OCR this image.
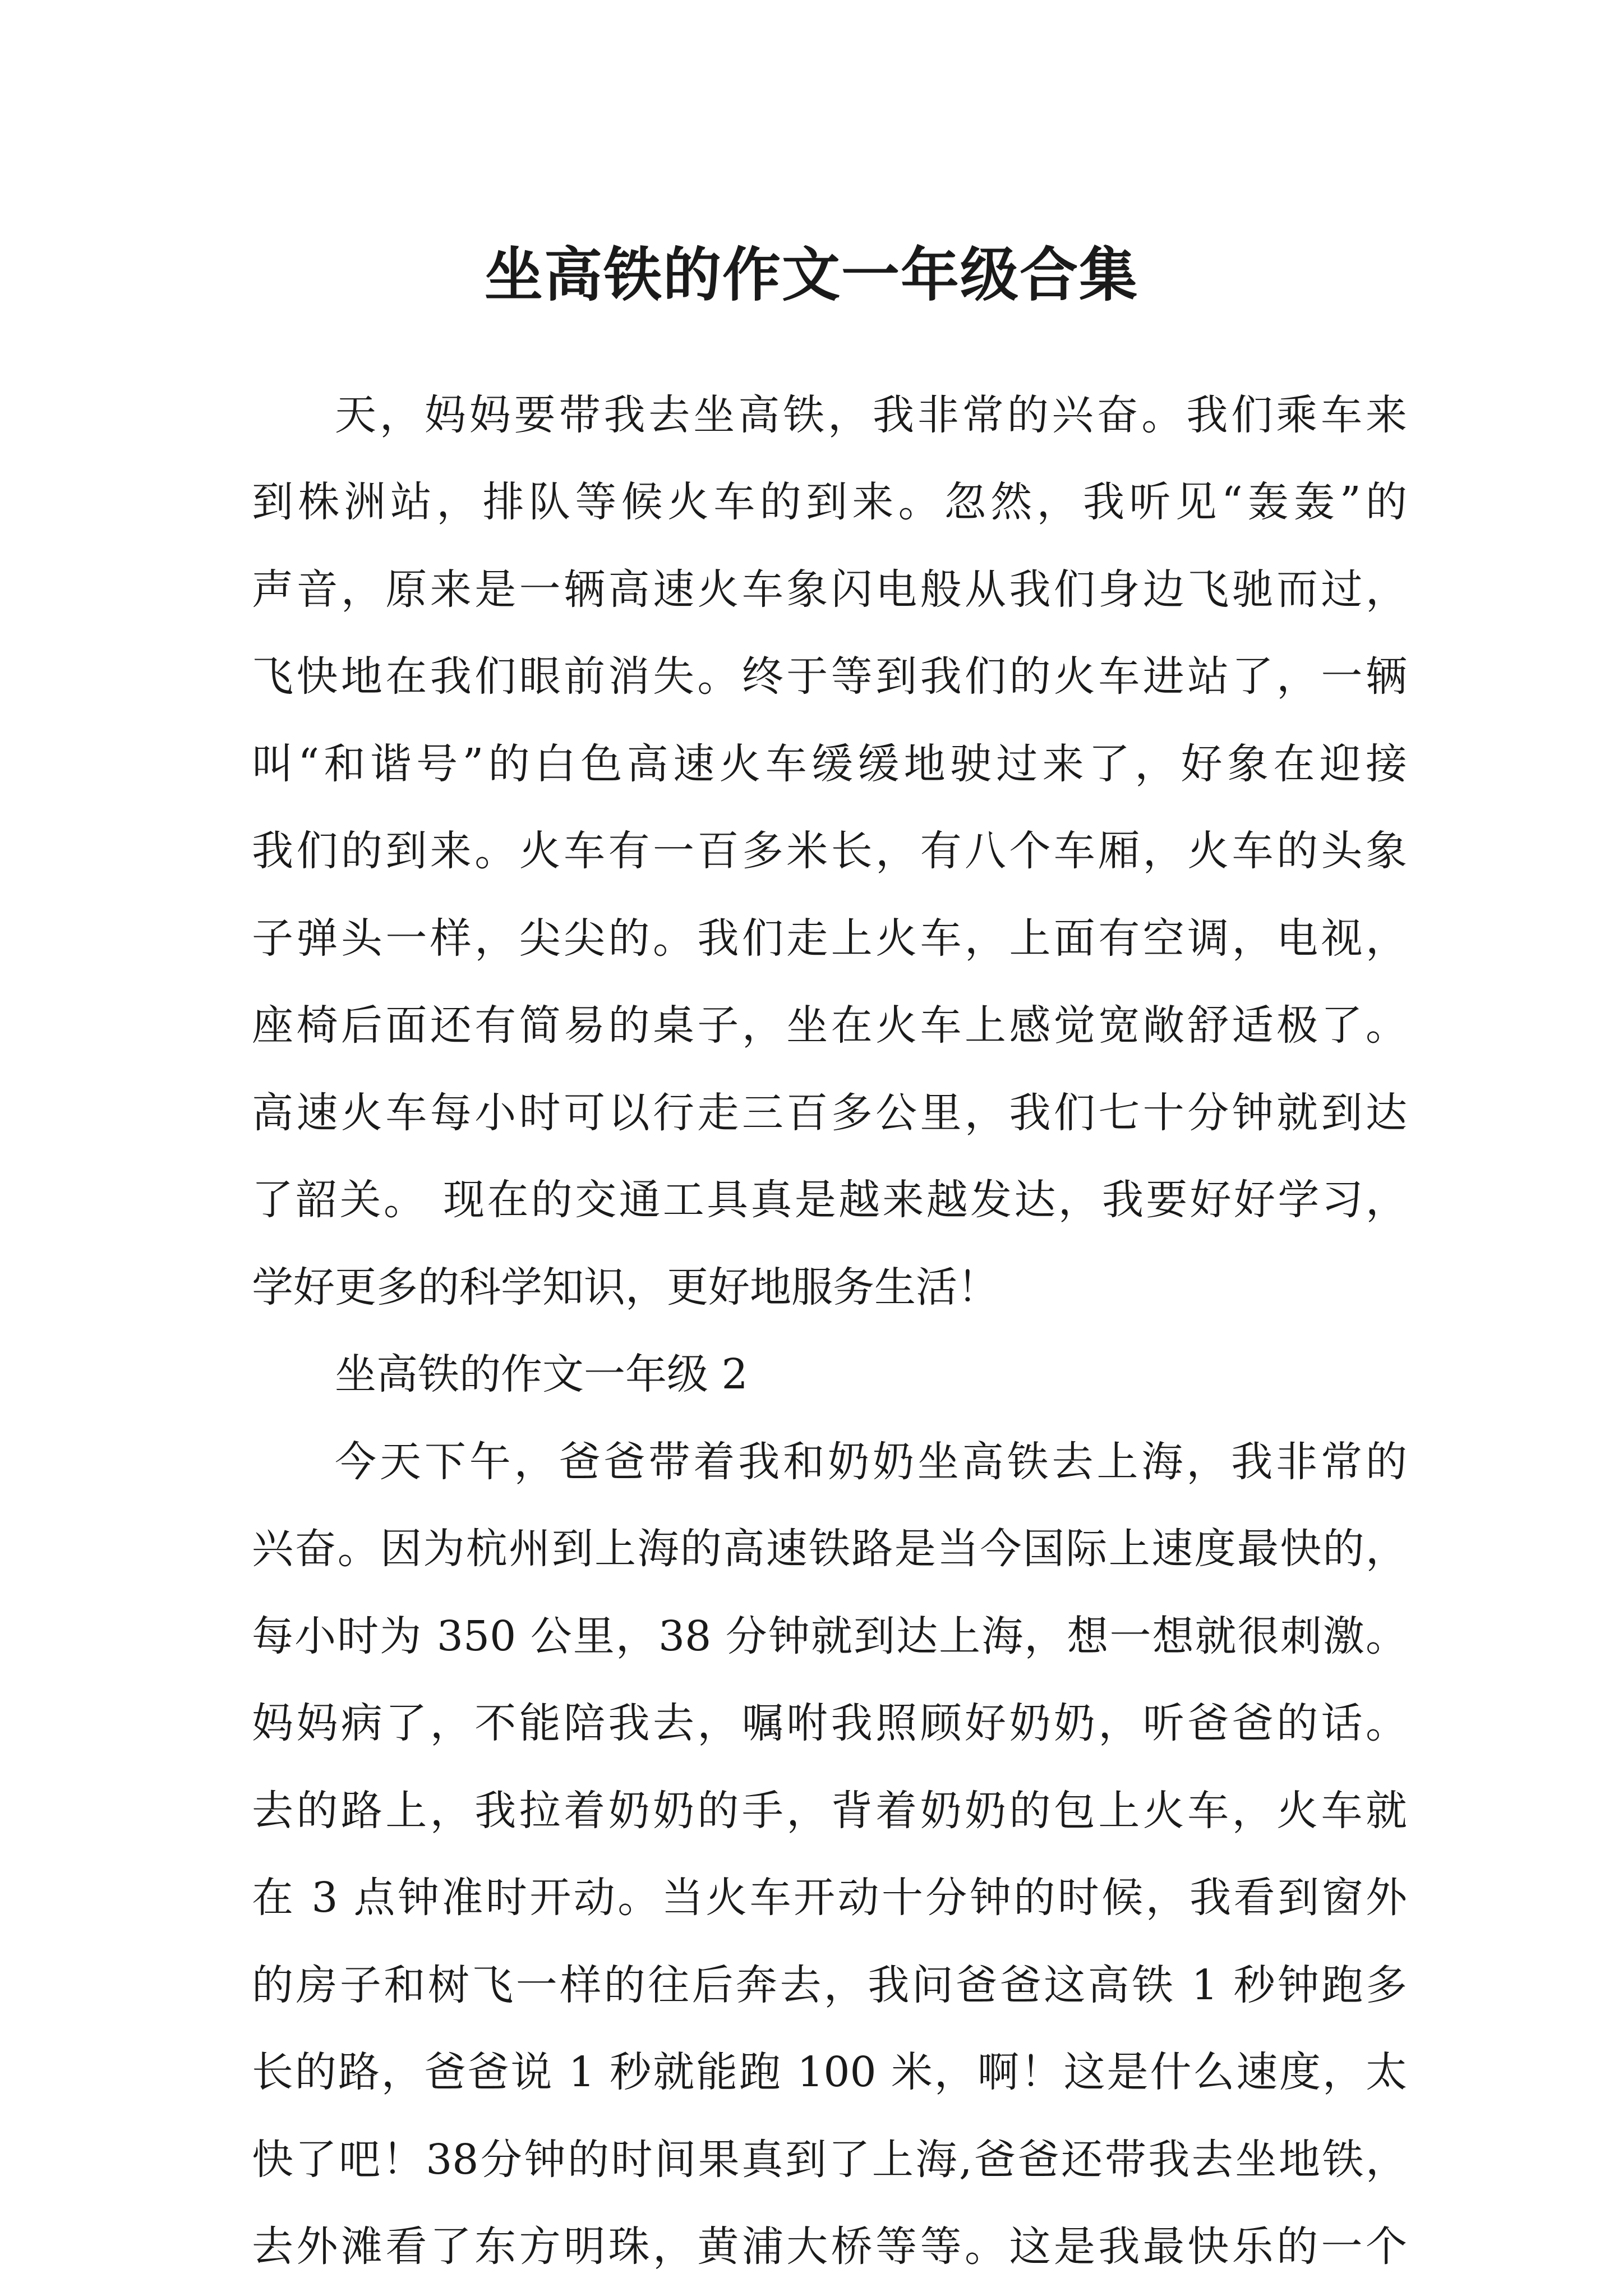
坐高铁的作文一年级合集
天，妈妈要带我去坐高铁，我非常的兴奋。我们乘车来
到株洲站，排队等候火车的到来。忽然，我听见“轰轰”的
声音，原来是一辆高速火车象闪电般从我们身边飞驰而过，
飞快地在我们眼前消失。终于等到我们的火车进站了，一辆
叫“和谐号”的白色高速火车缓缓地驶过来了，好象在迎接
我们的到来。火车有一百多米长，有八个车厢，火车的头象
子弹头一样，尖尖的。我们走上火车，上面有空调，电视，
座椅后面还有简易的桌子，坐在火车上感觉宽敞舒适极了。
高速火车每小时可以行走三百多公里，我们七十分钟就到达
了韶关。 现在的交通工具真是越来越发达，我要好好学习，
学好更多的科学知识，更好地服务生活！
坐高铁的作文一年级 2
今天下午，爸爸带着我和奶奶坐高铁去上海，我非常的
兴奋。因为杭州到上海的高速铁路是当今国际上速度最快的，
每小时为 350 公里，38 分钟就到达上海，想一想就很刺激。
妈妈病了，不能陪我去，嘱咐我照顾好奶奶，听爸爸的话。
去的路上，我拉着奶奶的手，背着奶奶的包上火车，火车就
在 3 点钟准时开动。当火车开动十分钟的时候，我看到窗外
的房子和树飞一样的往后奔去，我问爸爸这高铁 1 秒钟跑多
长的路，爸爸说 1 秒就能跑 100 米，啊！这是什么速度，太
快了吧！38分钟的时间果真到了上海,爸爸还带我去坐地铁，
去外滩看了东方明珠，黄浦大桥等等。这是我最快乐的一个
